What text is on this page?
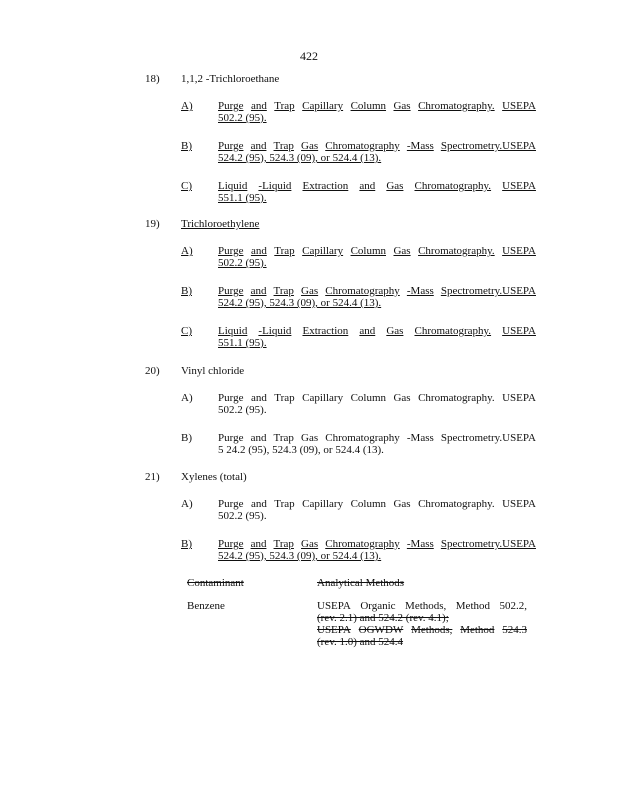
422
18) 1,1,2 -Trichloroethane
A) Purge and Trap Capillary Column Gas Chromatography. USEPA
502.2 (95).
B) Purge and Trap Gas Chromatography -Mass Spectrometry.USEPA
524.2 (95), 524.3 (09), or 524.4 (13).
C) Liquid -Liquid Extraction and Gas Chromatography. USEPA
551.1 (95).
19) Trichloroethylene
A) Purge and Trap Capillary Column Gas Chromatography. USEPA
502.2 (95).
B) Purge and Trap Gas Chromatography -Mass Spectrometry.USEPA
524.2 (95), 524.3 (09), or 524.4 (13).
C) Liquid -Liquid Extraction and Gas Chromatography. USEPA
551.1 (95).
20) Vinyl chloride
A) Purge and Trap Capillary Column Gas Chromatography. USEPA
502.2 (95).
B) Purge and Trap Gas Chromatography -Mass Spectrometry.USEPA
5 24.2 (95), 524.3 (09), or 524.4 (13).
21) Xylenes (total)
A) Purge and Trap Capillary Column Gas Chromatography. USEPA
502.2 (95).
B) Purge and Trap Gas Chromatography -Mass Spectrometry.USEPA
524.2 (95), 524.3 (09), or 524.4 (13).
Contaminant	Analytical Methods
Benzene	USEPA Organic Methods, Method 502.2,
(rev. 2.1) and 524.2 (rev. 4.1);
USEPA OGWDW Methods, Method 524.3
(rev. 1.0) and 524.4
